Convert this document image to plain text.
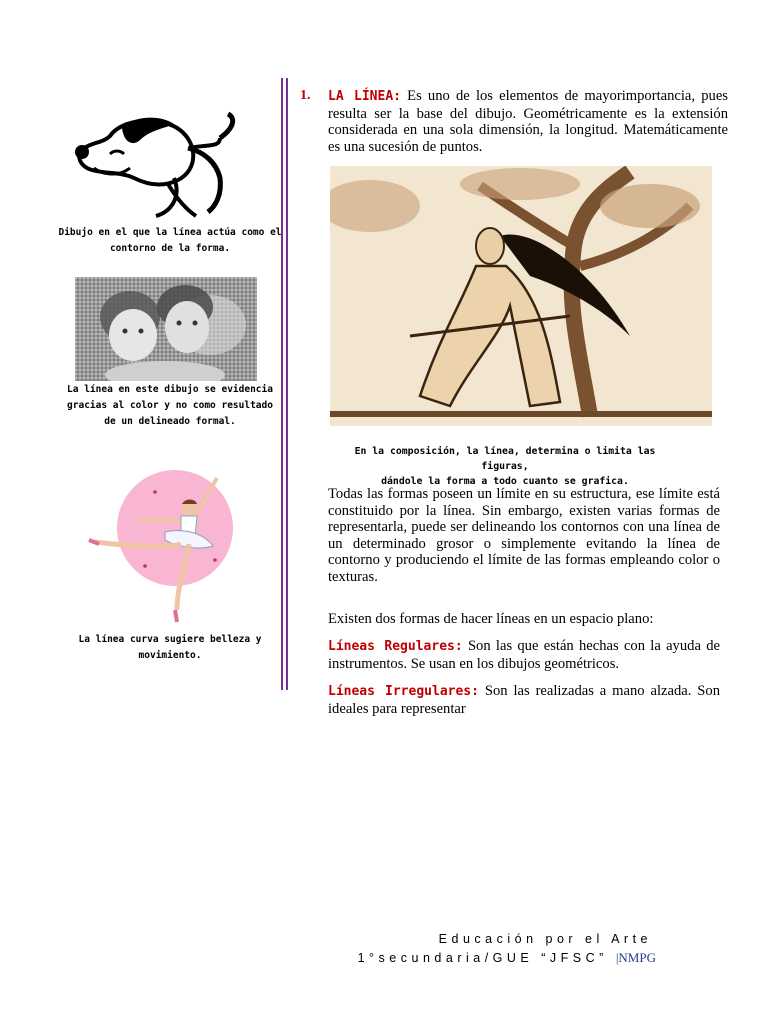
Dibujo en el que la línea actúa como el
contorno de la forma.
La línea en este dibujo se evidencia
gracias al color y no como resultado
de un delineado formal.
La línea curva sugiere belleza y
movimiento.
1. LA LÍNEA: Es uno de los elementos de mayorimportancia, pues resulta ser la base del dibujo. Geométricamente es la extensión considerada en una sola dimensión, la longitud. Matemáticamente es una sucesión de puntos.
En la composición, la línea, determina o limita las figuras,
dándole la forma a todo cuanto se grafica.
Todas las formas poseen un límite en su estructura, ese límite está constituido por la línea. Sin embargo, existen varias formas de representarla, puede ser delineando los contornos con una línea de un determinado grosor o simplemente evitando la línea de contorno y produciendo el límite de las formas empleando color o texturas.
Existen dos formas de hacer líneas en un espacio plano:
Líneas Regulares: Son las que están hechas con la ayuda de instrumentos. Se usan en los dibujos geométricos.
Líneas Irregulares: Son las realizadas a mano alzada. Son ideales para representar
Educación por el Arte
1°secundaria/GUE “JFSC” |NMPG
